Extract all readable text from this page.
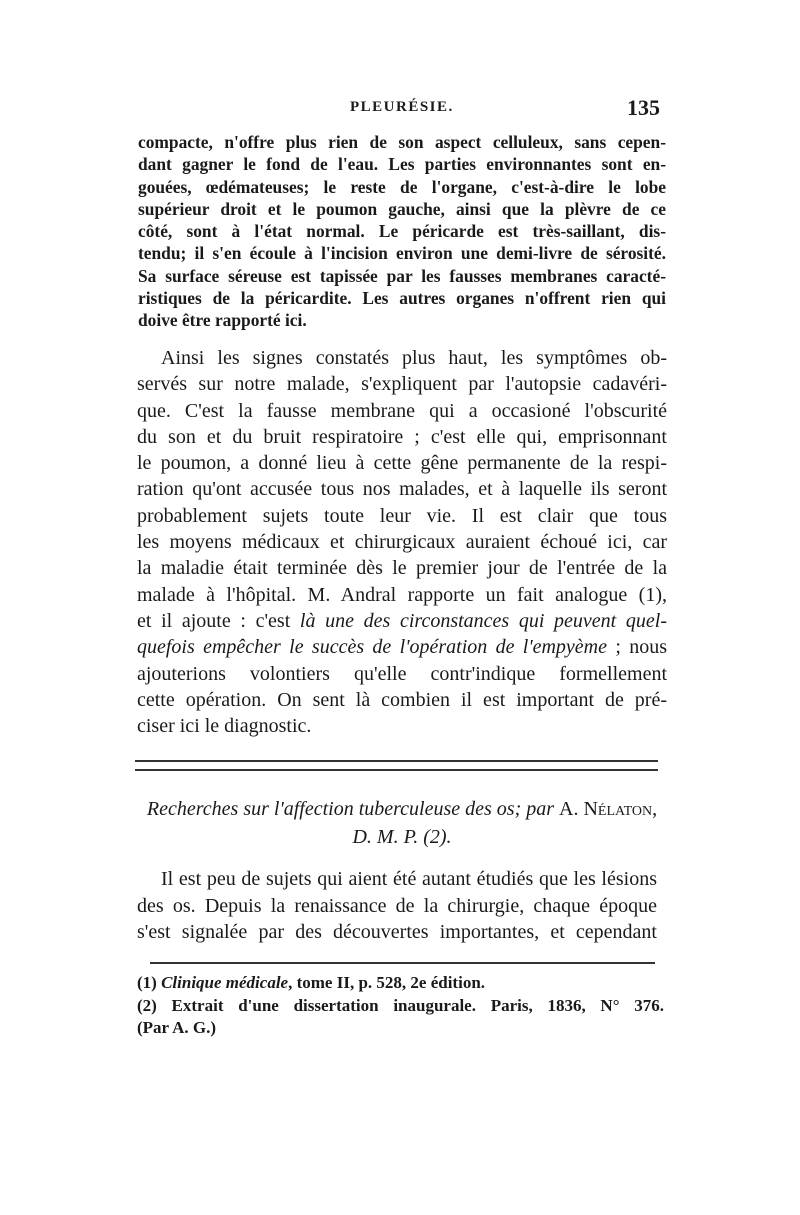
PLEURÉSIE.	135
compacte, n'offre plus rien de son aspect celluleux, sans cepen-
dant gagner le fond de l'eau. Les parties environnantes sont en-
gouées, œdémateuses; le reste de l'organe, c'est-à-dire le lobe
supérieur droit et le poumon gauche, ainsi que la plèvre de ce
côté, sont à l'état normal. Le péricarde est très-saillant, dis-
tendu; il s'en écoule à l'incision environ une demi-livre de sérosité.
Sa surface séreuse est tapissée par les fausses membranes caracté-
ristiques de la péricardite. Les autres organes n'offrent rien qui
doive être rapporté ici.
Ainsi les signes constatés plus haut, les symptômes ob-
servés sur notre malade, s'expliquent par l'autopsie cadavéri-
que. C'est la fausse membrane qui a occasioné l'obscurité
du son et du bruit respiratoire ; c'est elle qui, emprisonnant
le poumon, a donné lieu à cette gêne permanente de la respi-
ration qu'ont accusée tous nos malades, et à laquelle ils seront
probablement sujets toute leur vie. Il est clair que tous
les moyens médicaux et chirurgicaux auraient échoué ici, car
la maladie était terminée dès le premier jour de l'entrée de la
malade à l'hôpital. M. Andral rapporte un fait analogue (1),
et il ajoute : c'est là une des circonstances qui peuvent quel-
quefois empêcher le succès de l'opération de l'empyème ; nous
ajouterions volontiers qu'elle contr'indique formellement
cette opération. On sent là combien il est important de pré-
ciser ici le diagnostic.
Recherches sur l'affection tuberculeuse des os; par A. Nélaton,
D. M. P. (2).
Il est peu de sujets qui aient été autant étudiés que les lésions
des os. Depuis la renaissance de la chirurgie, chaque époque
s'est signalée par des découvertes importantes, et cependant
(1) Clinique médicale, tome II, p. 528, 2e édition.
(2) Extrait d'une dissertation inaugurale. Paris, 1836, N° 376.
(Par A. G.)
